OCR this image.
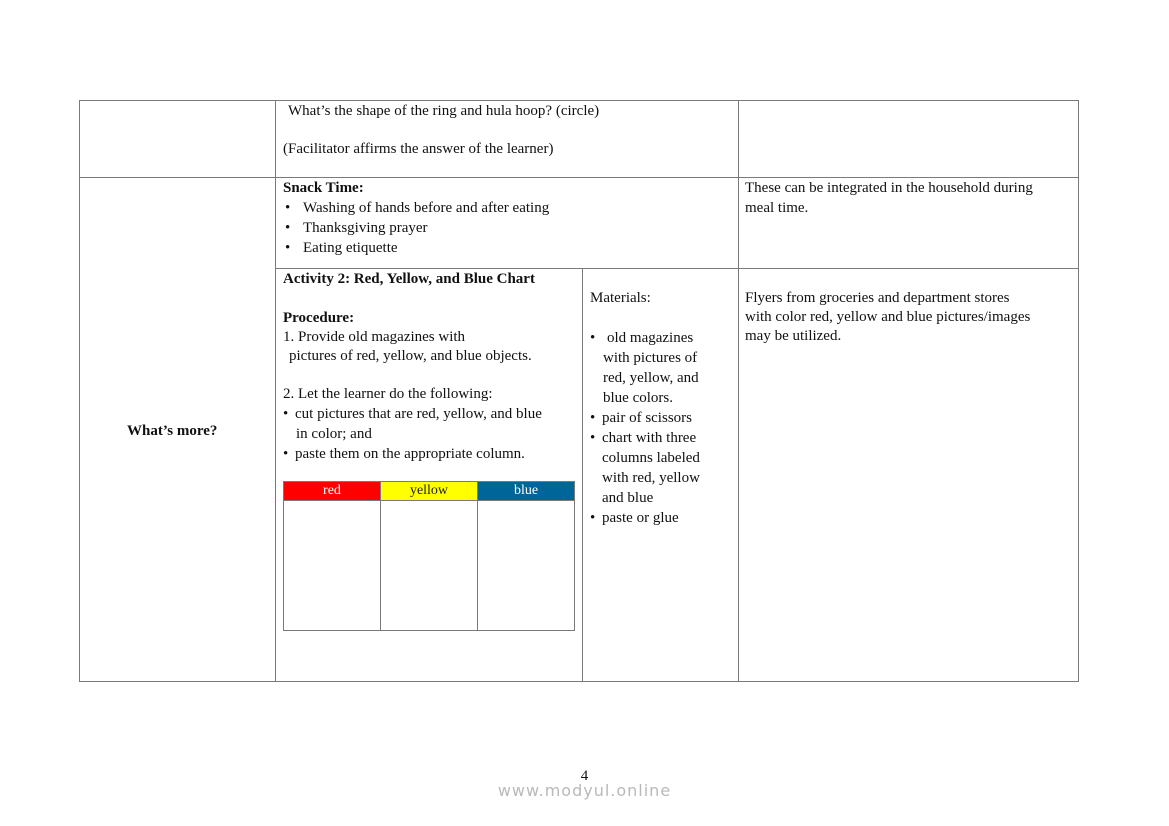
What’s the shape of the ring and hula hoop? (circle)
(Facilitator affirms the answer of the learner)
Snack Time:
• Washing of hands before and after eating
• Thanksgiving prayer
• Eating etiquette
These can be integrated in the household during
meal time.
What’s more?
Activity 2: Red, Yellow, and Blue Chart
Procedure:
1. Provide old magazines with
pictures of red, yellow, and blue objects.
2. Let the learner do the following:
• cut pictures that are red, yellow, and blue
in color; and
• paste them on the appropriate column.
red	yellow	blue
Materials:
• old magazines
with pictures of
red, yellow, and
blue colors.
• pair of scissors
• chart with three
columns labeled
with red, yellow
and blue
• paste or glue
Flyers from groceries and department stores
with color red, yellow and blue pictures/images
may be utilized.
4
www.modyul.online
